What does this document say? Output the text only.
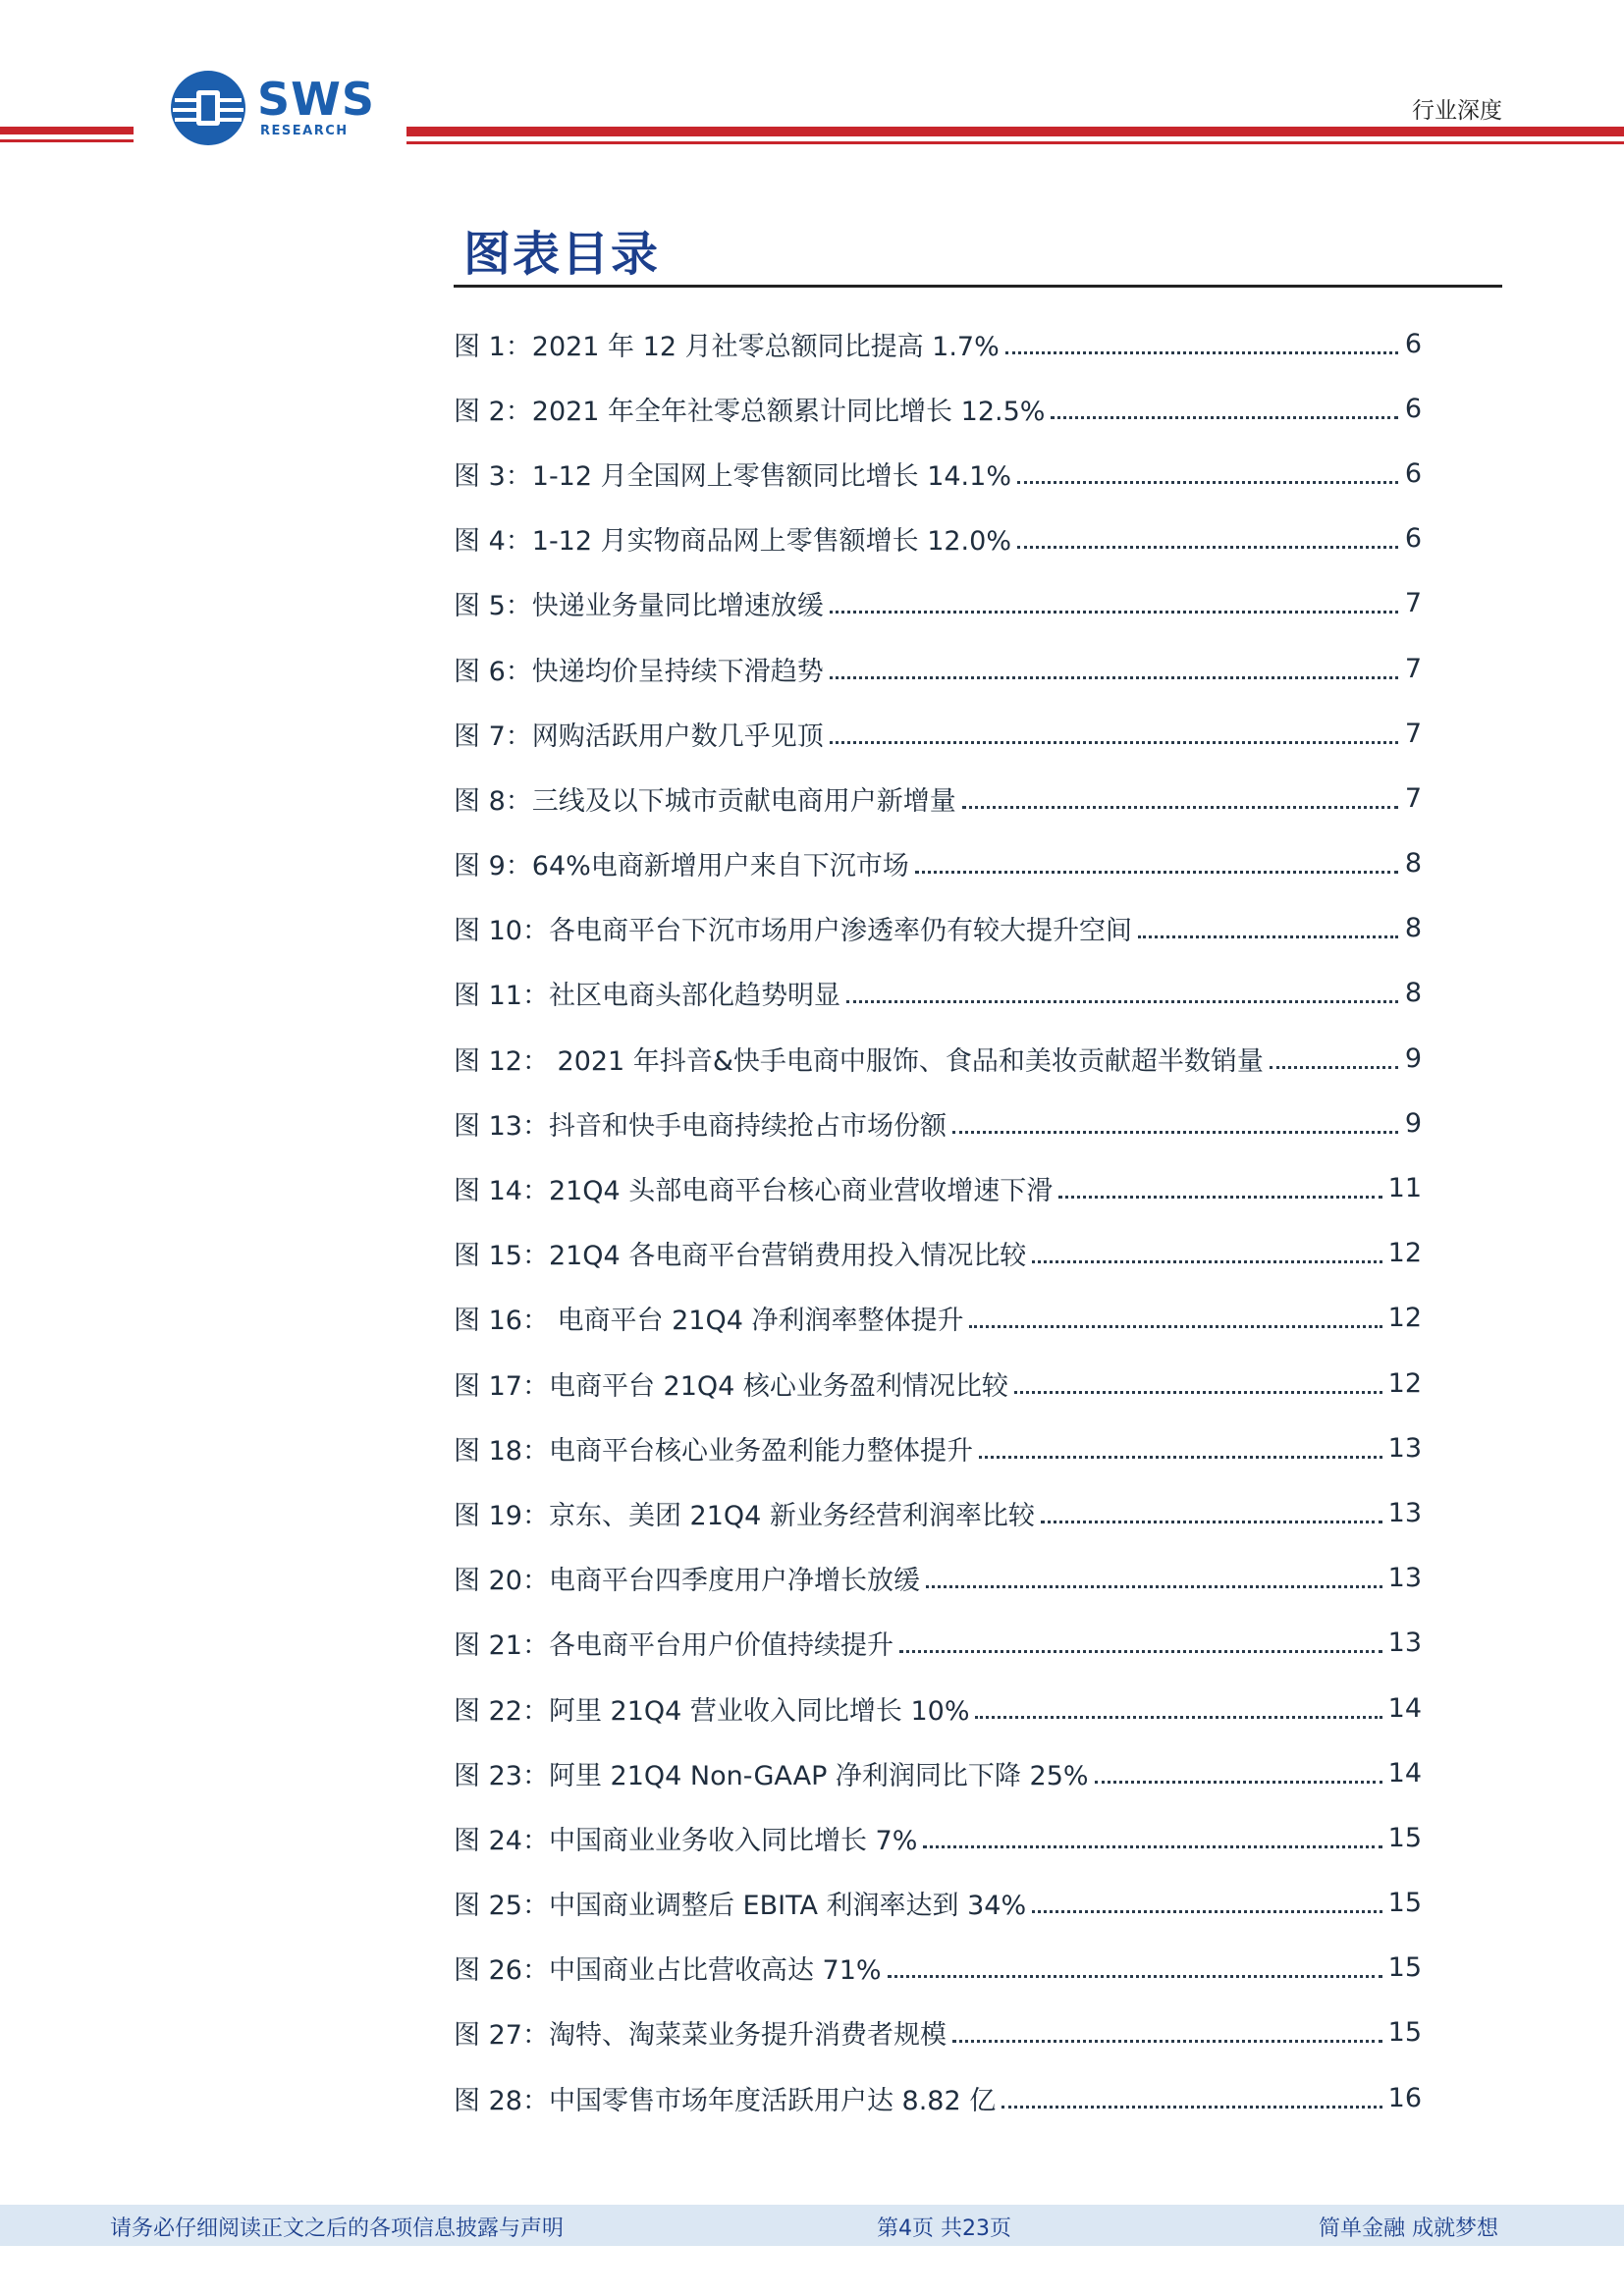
SWS
RESEARCH
行业深度
图表目录
图 1：2021 年 12 月社零总额同比提高 1.7%	6
图 2：2021 年全年社零总额累计同比增长 12.5%	6
图 3：1-12 月全国网上零售额同比增长 14.1%	6
图 4：1-12 月实物商品网上零售额增长 12.0%	6
图 5：快递业务量同比增速放缓	7
图 6：快递均价呈持续下滑趋势	7
图 7：网购活跃用户数几乎见顶	7
图 8：三线及以下城市贡献电商用户新增量	7
图 9：64%电商新增用户来自下沉市场	8
图 10：各电商平台下沉市场用户渗透率仍有较大提升空间	8
图 11：社区电商头部化趋势明显	8
图 12： 2021 年抖音&快手电商中服饰、食品和美妆贡献超半数销量	9
图 13：抖音和快手电商持续抢占市场份额	9
图 14：21Q4 头部电商平台核心商业营收增速下滑	11
图 15：21Q4 各电商平台营销费用投入情况比较	12
图 16： 电商平台 21Q4 净利润率整体提升	12
图 17：电商平台 21Q4 核心业务盈利情况比较	12
图 18：电商平台核心业务盈利能力整体提升	13
图 19：京东、美团 21Q4 新业务经营利润率比较	13
图 20：电商平台四季度用户净增长放缓	13
图 21：各电商平台用户价值持续提升	13
图 22：阿里 21Q4 营业收入同比增长 10%	14
图 23：阿里 21Q4 Non-GAAP 净利润同比下降 25%	14
图 24：中国商业业务收入同比增长 7%	15
图 25：中国商业调整后 EBITA 利润率达到 34%	15
图 26：中国商业占比营收高达 71%	15
图 27：淘特、淘菜菜业务提升消费者规模	15
图 28：中国零售市场年度活跃用户达 8.82 亿	16
请务必仔细阅读正文之后的各项信息披露与声明	第4页 共23页	简单金融 成就梦想
